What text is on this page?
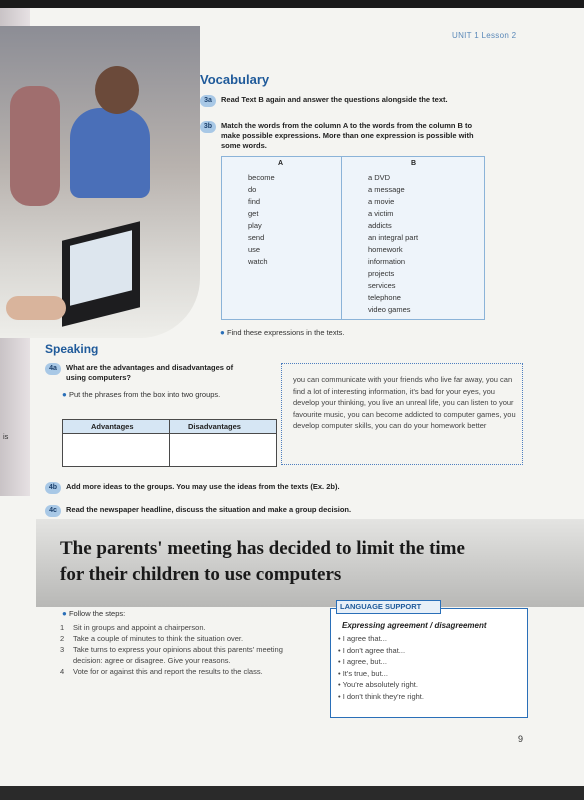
UNIT 1 Lesson 2
Vocabulary
3a Read Text B again and answer the questions alongside the text.
3b Match the words from the column A to the words from the column B to
make possible expressions. More than one expression is possible with
some words.
A	B
become
do
find
get
play
send
use
watch
a DVD
a message
a movie
a victim
addicts
an integral part
homework
information
projects
services
telephone
video games
● Find these expressions in the texts.
Speaking
4a What are the advantages and disadvantages of
using computers?
● Put the phrases from the box into two groups.
Advantages	Disadvantages
you can communicate with your friends who live far away, you can find a lot of interesting information, it's bad for your eyes, you develop your thinking, you live an unreal life, you can listen to your favourite music, you can become addicted to computer games, you develop computer skills, you can do your homework better
is
4b Add more ideas to the groups. You may use the ideas from the texts (Ex. 2b).
4c Read the newspaper headline, discuss the situation and make a group decision.
The parents' meeting has decided to limit the time
for their children to use computers
● Follow the steps:
1 Sit in groups and appoint a chairperson.
2 Take a couple of minutes to think the situation over.
3 Take turns to express your opinions about this parents' meeting decision: agree or disagree. Give your reasons.
4 Vote for or against this and report the results to the class.
LANGUAGE SUPPORT
Expressing agreement / disagreement
• I agree that...
• I don't agree that...
• I agree, but...
• It's true, but...
• You're absolutely right.
• I don't think they're right.
9
